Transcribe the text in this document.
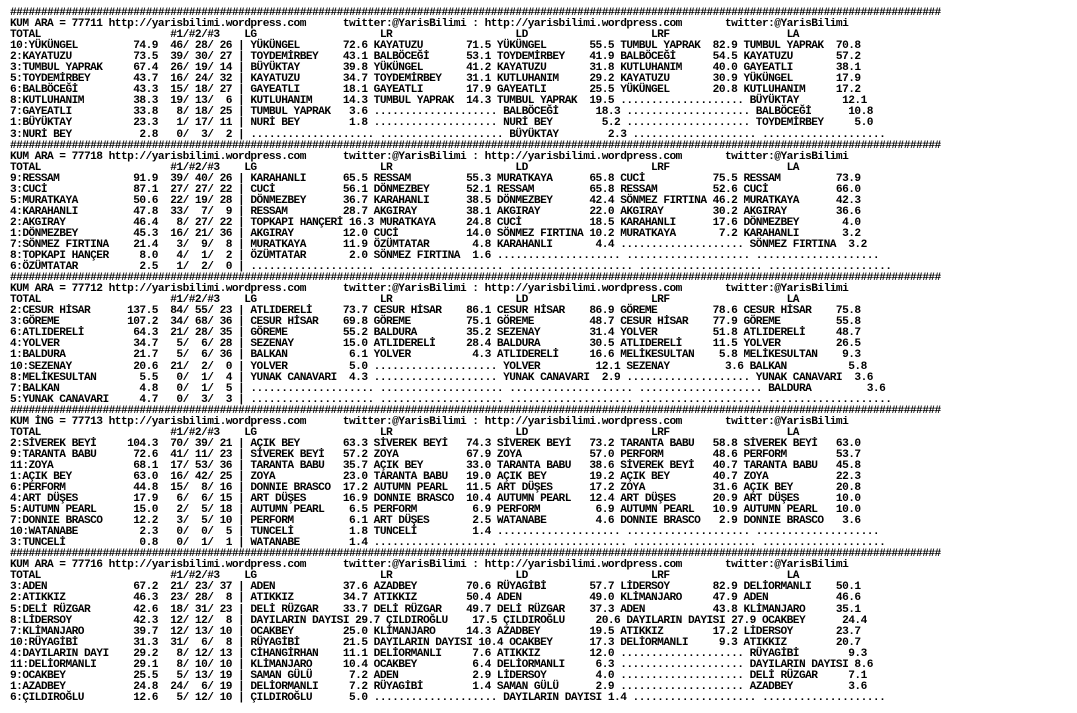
#######################################################################################################################################################
KUM ARA = 77711 http://yarisbilimi.wordpress.com      twitter:@YarisBilimi : http://yarisbilimi.wordpress.com       twitter:@YarisBilimi
TOTAL                     #1/#2/#3    LG                    LR                    LD                    LRF                   LA
10:YÜKÜNGEL         74.9  46/ 28/ 26 | YÜKÜNGEL       72.6 KAYATUZU       71.5 YÜKÜNGEL       55.5 TUMBUL YAPRAK  82.9 TUMBUL YAPRAK  70.8
2:KAYATUZU          73.5  39/ 30/ 27 | TOYDEMİRBEY    43.1 BALBÖCEĞİ      53.1 TOYDEMİRBEY    41.9 BALBÖCEĞİ      54.5 KAYATUZU       57.2
3:TUMBUL YAPRAK     67.4  26/ 19/ 14 | BÜYÜKTAY       39.8 YÜKÜNGEL       41.2 KAYATUZU       31.8 KUTLUHANIM     40.0 GAYEATLI       38.1
5:TOYDEMİRBEY       43.7  16/ 24/ 32 | KAYATUZU       34.7 TOYDEMİRBEY    31.1 KUTLUHANIM     29.2 KAYATUZU       30.9 YÜKÜNGEL       17.9
6:BALBÖCEĞİ         43.3  15/ 18/ 27 | GAYEATLI       18.1 GAYEATLI       17.9 GAYEATLI       25.5 YÜKÜNGEL       20.8 KUTLUHANIM     17.2
8:KUTLUHANIM        38.3  19/ 13/  6 | KUTLUHANIM     14.3 TUMBUL YAPRAK  14.3 TUMBUL YAPRAK  19.5 .................... BÜYÜKTAY       12.1
7:GAYEATLI          33.8   8/ 18/ 25 | TUMBUL YAPRAK   3.6 .................... BALBÖCEĞİ      18.3 .................... BALBÖCEĞİ      10.8
1:BÜYÜKTAY          23.3   1/ 17/ 11 | NURİ BEY        1.8 .................... NURİ BEY        5.2 .................... TOYDEMİRBEY     5.0
3:NURİ BEY           2.8   0/  3/  2 | .................... .................... BÜYÜKTAY        2.3 .................... ....................
#######################################################################################################################################################
KUM ARA = 77718 http://yarisbilimi.wordpress.com      twitter:@YarisBilimi : http://yarisbilimi.wordpress.com       twitter:@YarisBilimi
TOTAL                     #1/#2/#3    LG                    LR                    LD                    LRF                   LA
9:RESSAM            91.9  39/ 40/ 26 | KARAHANLI      65.5 RESSAM         55.3 MURATKAYA      65.8 CUCİ           75.5 RESSAM         73.9
3:CUCİ              87.1  27/ 27/ 22 | CUCİ           56.1 DÖNMEZBEY      52.1 RESSAM         65.8 RESSAM         52.6 CUCİ           66.0
5:MURATKAYA         50.6  22/ 19/ 28 | DÖNMEZBEY      36.7 KARAHANLI      38.5 DÖNMEZBEY      42.4 SÖNMEZ FIRTINA 46.2 MURATKAYA      42.3
4:KARAHANLI         47.8  33/  7/  9 | RESSAM         28.7 AKGIRAY        38.1 AKGIRAY        22.0 AKGIRAY        30.2 AKGIRAY        36.6
2:AKGIRAY           46.4   8/ 27/ 22 | TOPKAPI HANÇERİ 16.3 MURATKAYA     24.8 CUCİ           18.5 KARAHANLI      17.6 DÖNMEZBEY       4.0
1:DÖNMEZBEY         45.3  16/ 21/ 36 | AKGIRAY        12.0 CUCİ           14.0 SÖNMEZ FIRTINA 10.2 MURATKAYA       7.2 KARAHANLI       3.2
7:SÖNMEZ FIRTINA    21.4   3/  9/  8 | MURATKAYA      11.9 ÖZÜMTATAR       4.8 KARAHANLI       4.4 .................... SÖNMEZ FIRTINA  3.2
8:TOPKAPI HANÇER     8.0   4/  1/  2 | ÖZÜMTATAR       2.0 SÖNMEZ FIRTINA  1.6 .................... .................... ....................
6:ÖZÜMTATAR          2.5   1/  2/  0 | .................... .................... .................... .................... ....................
#######################################################################################################################################################
KUM ARA = 77712 http://yarisbilimi.wordpress.com      twitter:@YarisBilimi : http://yarisbilimi.wordpress.com       twitter:@YarisBilimi
TOTAL                     #1/#2/#3    LG                    LR                    LD                    LRF                   LA
2:CESUR HİSAR      137.5  84/ 55/ 23 | ATLIDERELİ     73.7 CESUR HİSAR    86.1 CESUR HİSAR    86.9 GÖREME         78.6 CESUR HİSAR    75.8
3:GÖREME           107.2  34/ 68/ 36 | CESUR HİSAR    69.8 GÖREME         75.1 GÖREME         48.7 CESUR HİSAR    77.9 GÖREME         55.8
6:ATLIDERELİ        64.3  21/ 28/ 35 | GÖREME         55.2 BALDURA        35.2 SEZENAY        31.4 YOLVER         51.8 ATLIDERELİ     48.7
4:YOLVER            34.7   5/  6/ 28 | SEZENAY        15.0 ATLIDERELİ     28.4 BALDURA        30.5 ATLIDERELİ     11.5 YOLVER         26.5
1:BALDURA           21.7   5/  6/ 36 | BALKAN          6.1 YOLVER          4.3 ATLIDERELİ     16.6 MELİKESULTAN    5.8 MELİKESULTAN    9.3
10:SEZENAY          20.6  21/  2/  0 | YOLVER          5.0 .................... YOLVER         12.1 SEZENAY         3.6 BALKAN          5.8
8:MELİKESULTAN       5.5   0/  1/  4 | YUNAK CANAVARI  4.3 .................... YUNAK CANAVARI  2.9 .................... YUNAK CANAVARI  3.6
7:BALKAN             4.8   0/  1/  5 | .................... .................... .................... .................... BALDURA         3.6
5:YUNAK CANAVARI     4.7   0/  3/  3 | .................... .................... .................... .................... ....................
#######################################################################################################################################################
KUM İNG = 77713 http://yarisbilimi.wordpress.com      twitter:@YarisBilimi : http://yarisbilimi.wordpress.com       twitter:@YarisBilimi
TOTAL                     #1/#2/#3    LG                    LR                    LD                    LRF                   LA
2:SİVEREK BEYİ     104.3  70/ 39/ 21 | AÇIK BEY       63.3 SİVEREK BEYİ   74.3 SİVEREK BEYİ   73.2 TARANTA BABU   58.8 SİVEREK BEYİ   63.0
9:TARANTA BABU      72.6  41/ 11/ 23 | SİVEREK BEYİ   57.2 ZOYA           67.9 ZOYA           57.0 PERFORM        48.6 PERFORM        53.7
11:ZOYA             68.1  17/ 53/ 36 | TARANTA BABU   35.7 AÇIK BEY       33.0 TARANTA BABU   38.6 SİVEREK BEYİ   40.7 TARANTA BABU   45.8
1:AÇIK BEY          63.0  16/ 42/ 25 | ZOYA           23.0 TARANTA BABU   19.0 AÇIK BEY       19.2 AÇIK BEY       40.7 ZOYA           22.3
6:PERFORM           44.8  15/  8/ 16 | DONNIE BRASCO  17.2 AUTUMN PEARL   11.5 ART DÜŞES      17.2 ZOYA           31.6 AÇIK BEY       20.8
4:ART DÜŞES         17.9   6/  6/ 15 | ART DÜŞES      16.9 DONNIE BRASCO  10.4 AUTUMN PEARL   12.4 ART DÜŞES      20.9 ART DÜŞES      10.0
5:AUTUMN PEARL      15.0   2/  5/ 18 | AUTUMN PEARL    6.5 PERFORM         6.9 PERFORM         6.9 AUTUMN PEARL   10.9 AUTUMN PEARL   10.0
7:DONNIE BRASCO     12.2   3/  5/ 10 | PERFORM         6.1 ART DÜŞES       2.5 WATANABE        4.6 DONNIE BRASCO   2.9 DONNIE BRASCO   3.6
10:WATANABE          2.3   0/  0/  5 | TUNCELİ         1.8 TUNCELİ         1.4 .................... .................... ....................
3:TUNCELİ            0.8   0/  1/  1 | WATANABE        1.4 .................... .................... .................... ....................
#######################################################################################################################################################
KUM ARA = 77716 http://yarisbilimi.wordpress.com      twitter:@YarisBilimi : http://yarisbilimi.wordpress.com       twitter:@YarisBilimi
TOTAL                     #1/#2/#3    LG                    LR                    LD                    LRF                   LA
3:ADEN              67.2  21/ 23/ 37 | ADEN           37.6 AZADBEY        70.6 RÜYAGİBİ       57.7 LİDERSOY       82.9 DELİORMANLI    50.1
2:ATIKKIZ           46.3  23/ 28/  8 | ATIKKIZ        34.7 ATIKKIZ        50.4 ADEN           49.0 KLİMANJARO     47.9 ADEN           46.6
5:DELİ RÜZGAR       42.6  18/ 31/ 23 | DELİ RÜZGAR    33.7 DELİ RÜZGAR    49.7 DELİ RÜZGAR    37.3 ADEN           43.8 KLİMANJARO     35.1
8:LİDERSOY          42.3  12/ 12/  8 | DAYILARIN DAYISI 29.7 ÇILDIROĞLU    17.5 ÇILDIROĞLU     20.6 DAYILARIN DAYISI 27.9 OCAKBEY      24.4
7:KLİMANJARO        39.7  12/ 13/ 10 | OCAKBEY        25.0 KLİMANJARO     14.3 AZADBEY        19.5 ATIKKIZ        17.2 LİDERSOY       23.7
10:RÜYAGİBİ         31.3  31/  6/  8 | RÜYAGİBİ       21.5 DAYILARIN DAYISI 10.4 OCAKBEY      17.3 DELİORMANLI     9.3 ATIKKIZ        20.7
4:DAYILARIN DAYI    29.2   8/ 12/ 13 | CİHANGİRHAN    11.1 DELİORMANLI     7.6 ATIKKIZ        12.0 .................... RÜYAGİBİ        9.3
11:DELİORMANLI      29.1   8/ 10/ 10 | KLİMANJARO     10.4 OCAKBEY         6.4 DELİORMANLI     6.3 .................... DAYILARIN DAYISI 8.6
9:OCAKBEY           25.5   5/ 13/ 19 | SAMAN GÜLÜ      7.2 ADEN            2.9 LİDERSOY        4.0 .................... DELİ RÜZGAR     7.1
1:AZADBEY           24.8  24/  6/ 19 | DELİORMANLI     7.2 RÜYAGİBİ        1.4 SAMAN GÜLÜ      2.9 .................... AZADBEY         3.6
6:ÇILDIROĞLU        12.6   5/ 12/ 10 | ÇILDIROĞLU      5.0 .................... DAYILARIN DAYISI 1.4 .................... ....................
